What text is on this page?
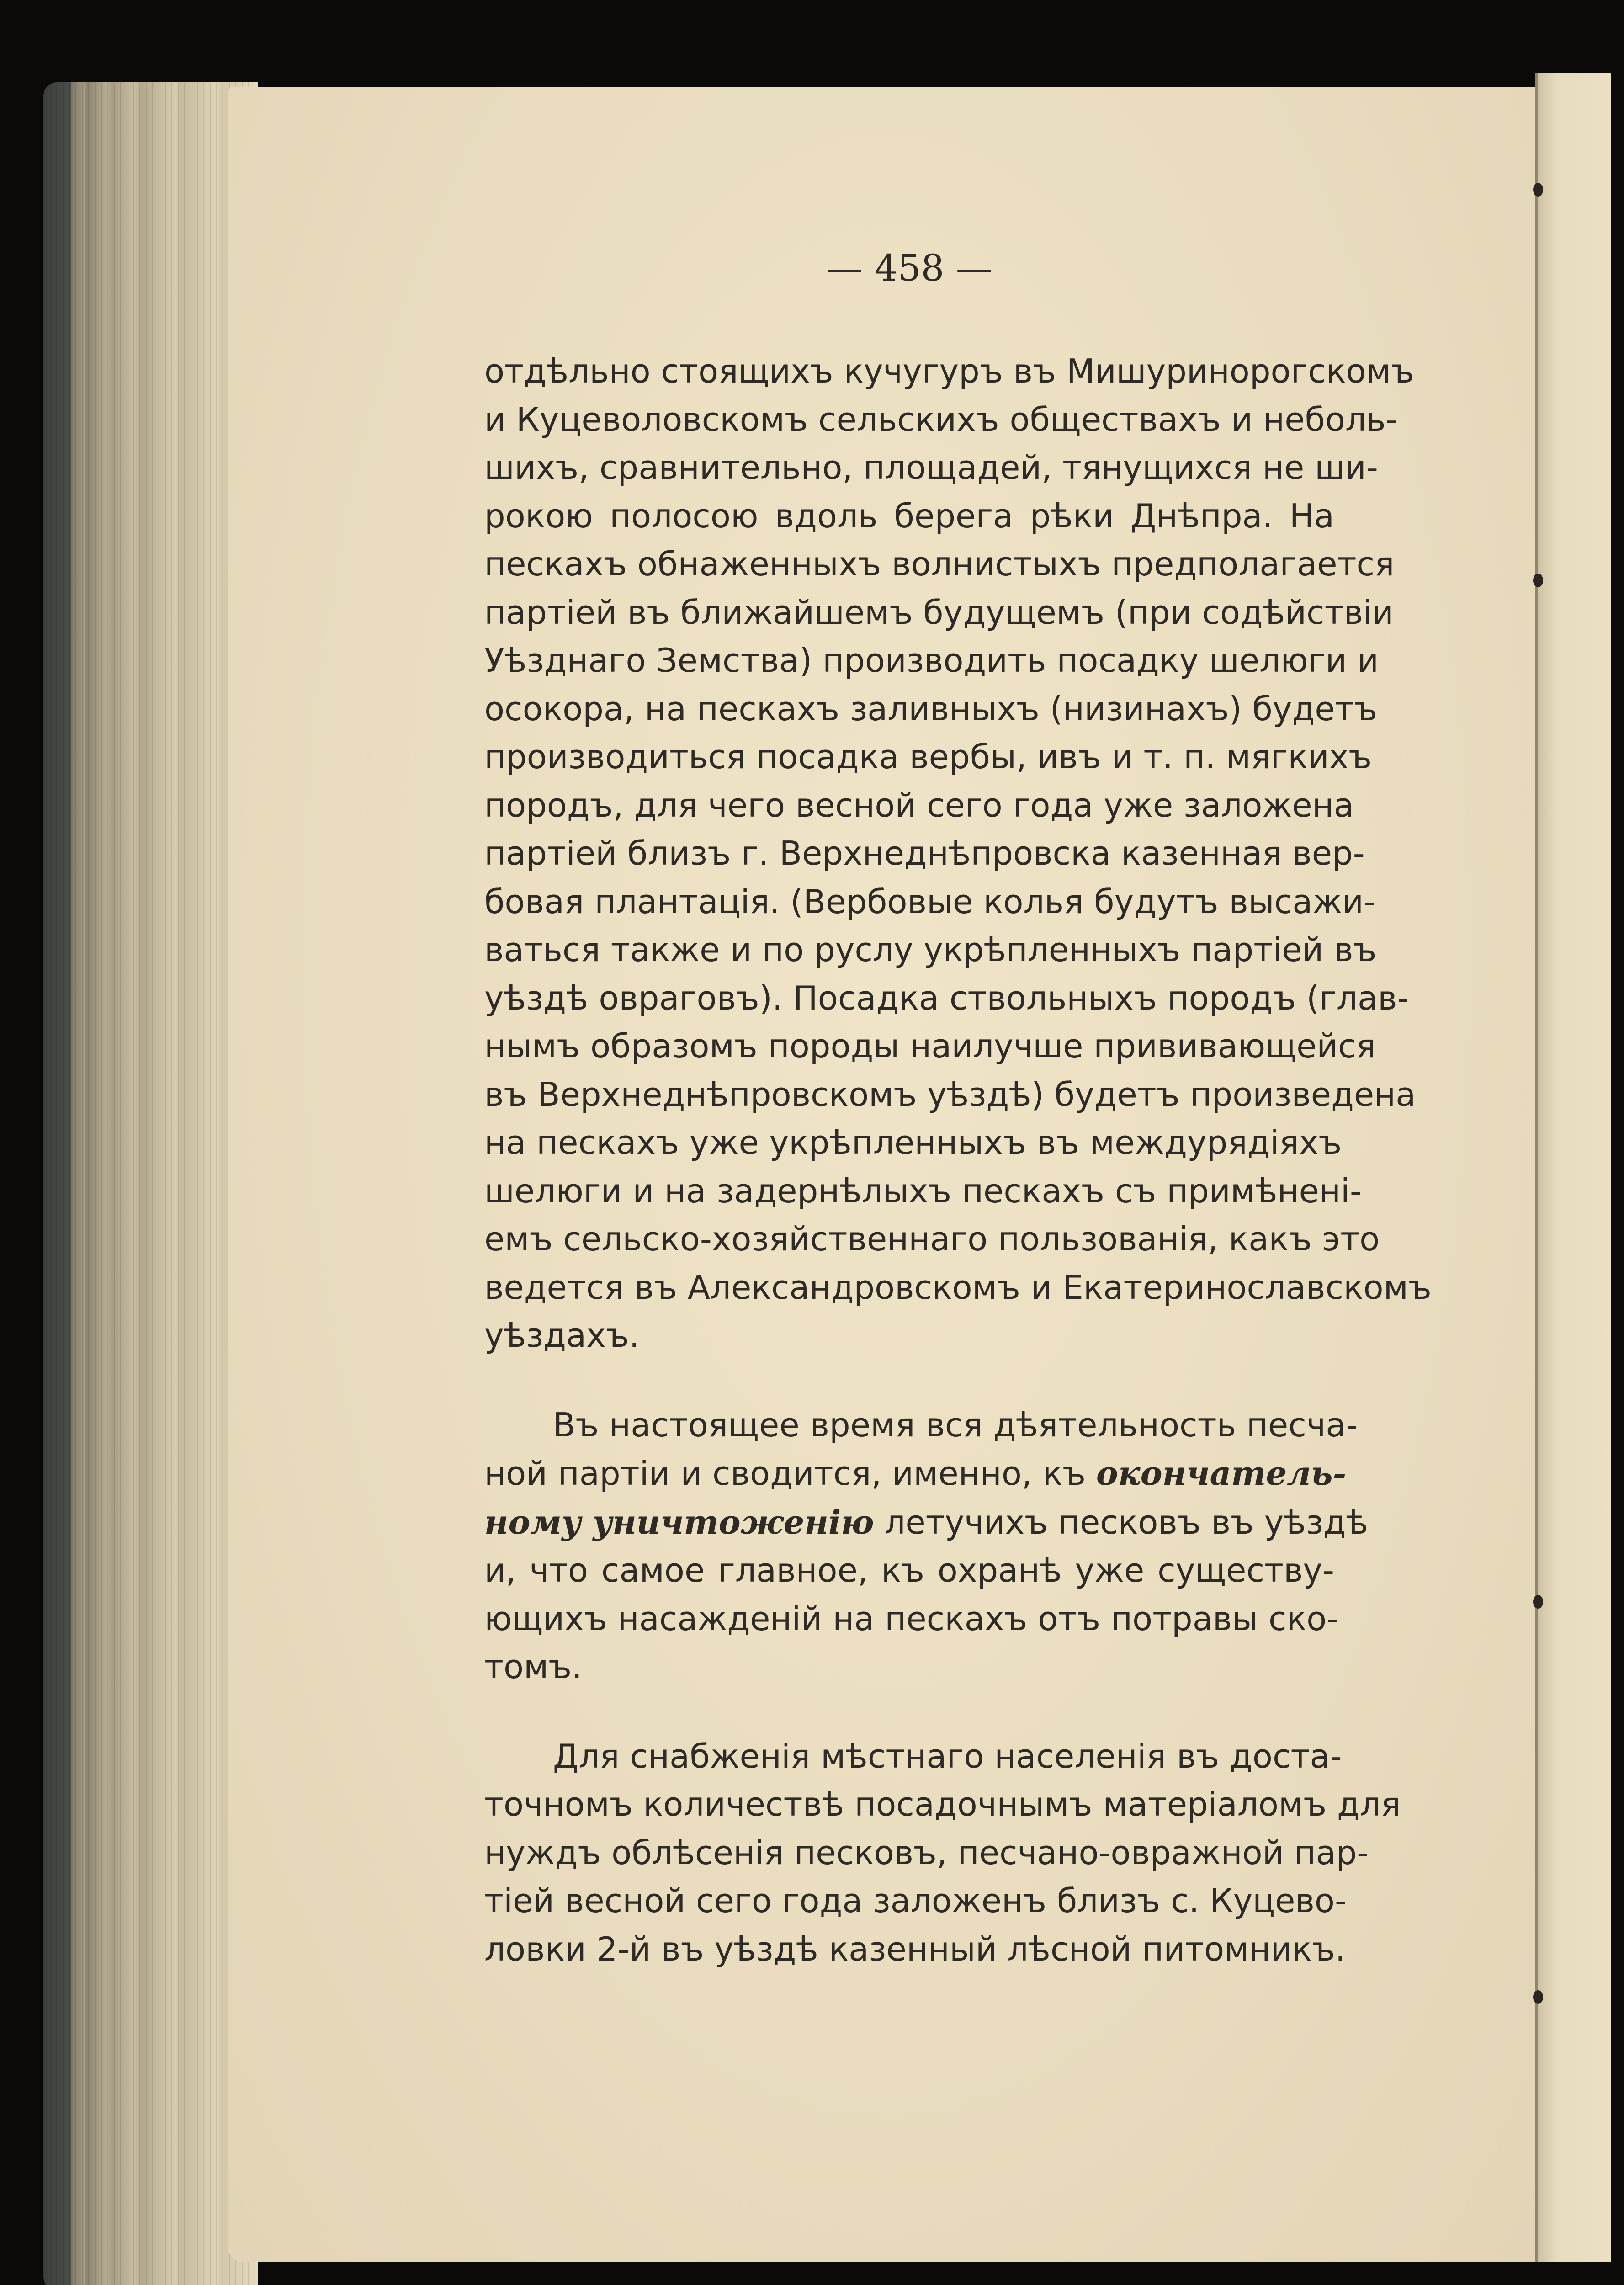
— 458 —
отдѣльно стоящихъ кучугуръ въ Мишуринорогскомъ
и Куцеволовскомъ сельскихъ обществахъ и неболь-
шихъ, сравнительно, площадей, тянущихся не ши-
рокою полосою вдоль берега рѣки Днѣпра. На
пескахъ обнаженныхъ волнистыхъ предполагается
партіей въ ближайшемъ будущемъ (при содѣйствіи
Уѣзднаго Земства) производить посадку шелюги и
осокора, на пескахъ заливныхъ (низинахъ) будетъ
производиться посадка вербы, ивъ и т. п. мягкихъ
породъ, для чего весной сего года уже заложена
партіей близъ г. Верхнеднѣпровска казенная вер-
бовая плантація. (Вербовые колья будутъ высажи-
ваться также и по руслу укрѣпленныхъ партіей въ
уѣздѣ овраговъ). Посадка ствольныхъ породъ (глав-
нымъ образомъ породы наилучше прививающейся
въ Верхнеднѣпровскомъ уѣздѣ) будетъ произведена
на пескахъ уже укрѣпленныхъ въ междурядіяхъ
шелюги и на задернѣлыхъ пескахъ съ примѣненi-
емъ сельско-хозяйственнаго пользованія, какъ это
ведется въ Александровскомъ и Екатеринославскомъ
уѣздахъ.
Въ настоящее время вся дѣятельность песча-
ной партіи и сводится, именно, къ окончатель-
ному уничтоженію летучихъ песковъ въ уѣздѣ
и, что самое главное, къ охранѣ уже существу-
ющихъ насажденій на пескахъ отъ потравы ско-
томъ.
Для снабженія мѣстнаго населенія въ доста-
точномъ количествѣ посадочнымъ матеріаломъ для
нуждъ облѣсенія песковъ, песчано-овражной пар-
тіей весной сего года заложенъ близъ с. Куцево-
ловки 2-й въ уѣздѣ казенный лѣсной питомникъ.
